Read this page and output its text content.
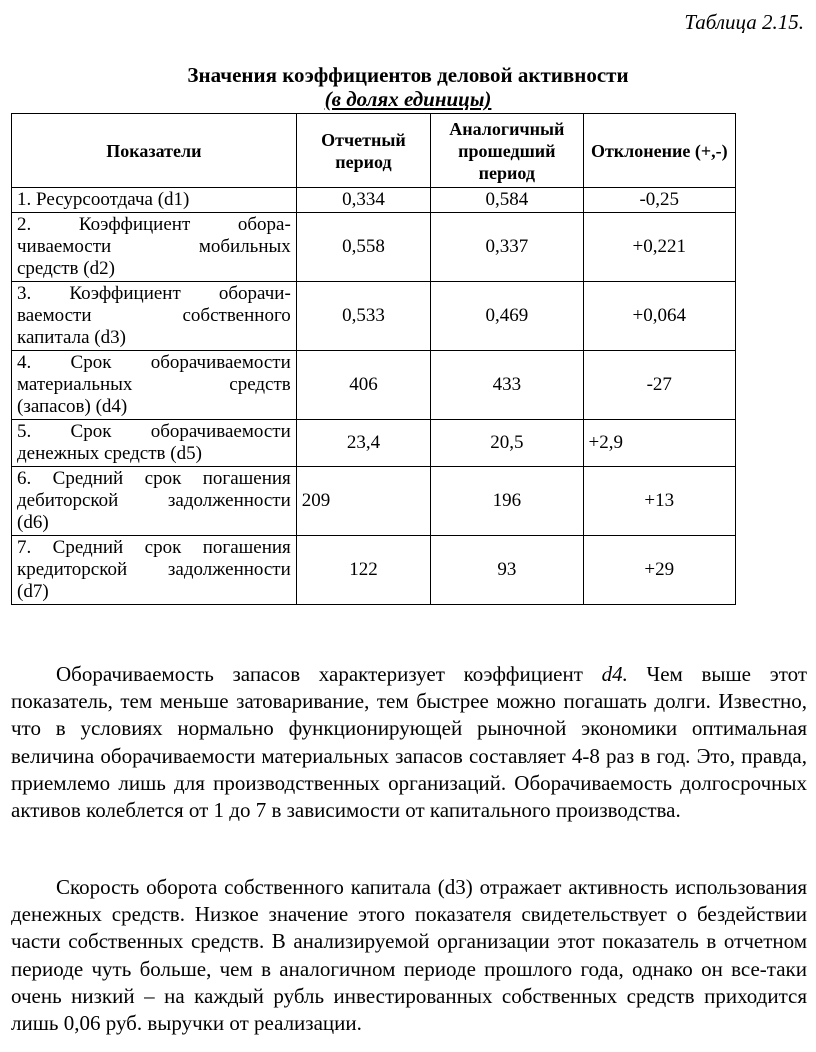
Таблица 2.15.
Значения коэффициентов деловой активности
(в долях единицы)
Показатели	Отчетный период	Аналогичный прошедший период	Отклонение (+,-)

1. Ресурсоотдача (d1)	0,334	0,584	-0,25

2. Коэффициент обора-
чиваемости мобильных
средств (d2)	0,558	0,337	+0,221

3. Коэффициент оборачи-
ваемости собственного
капитала (d3)	0,533	0,469	+0,064

4. Срок оборачиваемости
материальных средств
(запасов) (d4)	406	433	-27

5. Срок оборачиваемости
денежных средств (d5)	23,4	20,5	+2,9

6. Средний срок погашения
дебиторской задолженности
(d6)	209	196	+13

7. Средний срок погашения
кредиторской задолженности
(d7)	122	93	+29

Оборачиваемость запасов характеризует коэффициент d4. Чем выше этот показатель, тем меньше затоваривание, тем быстрее можно погашать долги. Известно, что в условиях нормально функционирующей рыночной экономики оптимальная величина оборачиваемости материальных запасов составляет 4-8 раз в год. Это, правда, приемлемо лишь для производственных организаций. Оборачиваемость долгосрочных активов колеблется от 1 до 7 в зависимости от капитального производства.

Скорость оборота собственного капитала (d3) отражает активность использования денежных средств. Низкое значение этого показателя свидетельствует о бездействии части собственных средств. В анализируемой организации этот показатель в отчетном периоде чуть больше, чем в аналогичном периоде прошлого года, однако он все-таки очень низкий – на каждый рубль инвестированных собственных средств приходится лишь 0,06 руб. выручки от реализации.
